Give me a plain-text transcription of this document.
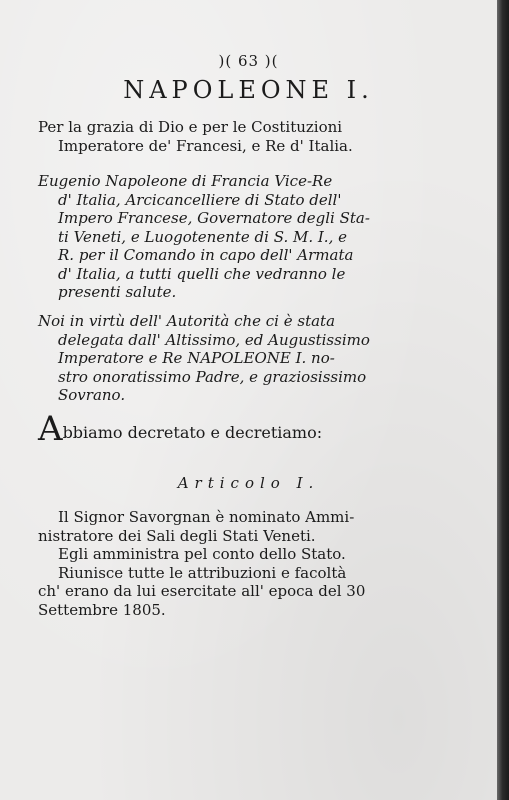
)( 63 )(
NAPOLEONE I.
Per la grazia di Dio e per le Costituzioni
Imperatore de' Francesi, e Re d' Italia.
Eugenio Napoleone di Francia Vice-Re
d' Italia, Arcicancelliere di Stato dell'
Impero Francese, Governatore degli Sta-
ti Veneti, e Luogotenente di S. M. I., e
R. per il Comando in capo dell' Armata
d' Italia, a tutti quelli che vedranno le
presenti salute.
Noi in virtù dell' Autorità che ci è stata
delegata dall' Altissimo, ed Augustissimo
Imperatore e Re NAPOLEONE I. no-
stro onoratissimo Padre, e graziosissimo
Sovrano.
Abbiamo decretato e decretiamo:
Articolo I.
Il Signor Savorgnan è nominato Ammi-
nistratore dei Sali degli Stati Veneti.
Egli amministra pel conto dello Stato.
Riunisce tutte le attribuzioni e facoltà
ch' erano da lui esercitate all' epoca del 30
Settembre 1805.
